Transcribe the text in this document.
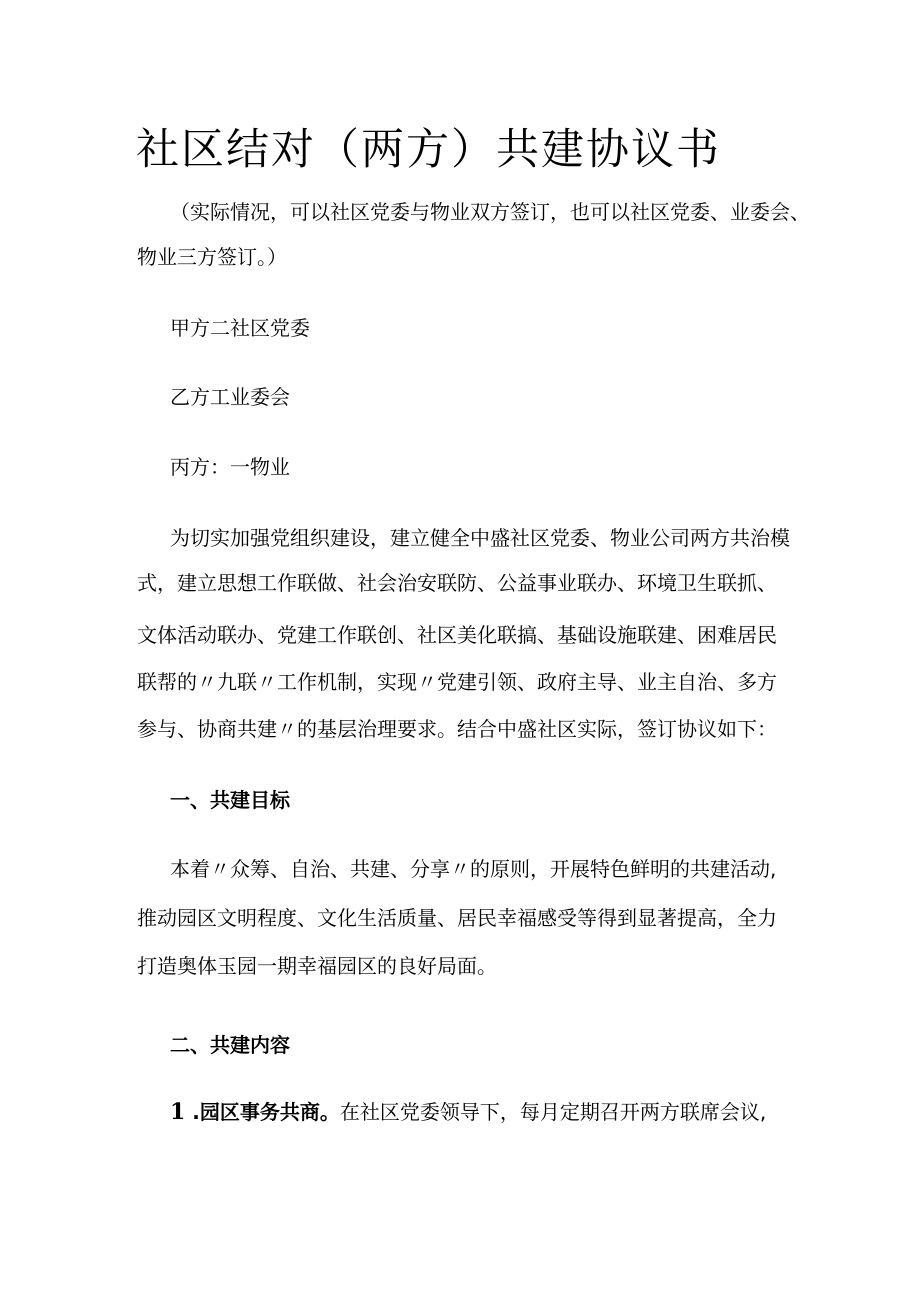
社区结对（两方）共建协议书

（实际情况，可以社区党委与物业双方签订，也可以社区党委、业委会、

物业三方签订。）

甲方二社区党委

乙方工业委会

丙方：一物业

为切实加强党组织建设，建立健全中盛社区党委、物业公司两方共治模

式，建立思想工作联做、社会治安联防、公益事业联办、环境卫生联抓、

文体活动联办、党建工作联创、社区美化联搞、基础设施联建、困难居民

联帮的〃九联〃工作机制，实现〃党建引领、政府主导、业主自治、多方

参与、协商共建〃的基层治理要求。结合中盛社区实际，签订协议如下：

一、共建目标

本着〃众筹、自治、共建、分享〃的原则，开展特色鲜明的共建活动,

推动园区文明程度、文化生活质量、居民幸福感受等得到显著提高，全力

打造奥体玉园一期幸福园区的良好局面。

二、共建内容

1 .园区事务共商。在社区党委领导下，每月定期召开两方联席会议,
